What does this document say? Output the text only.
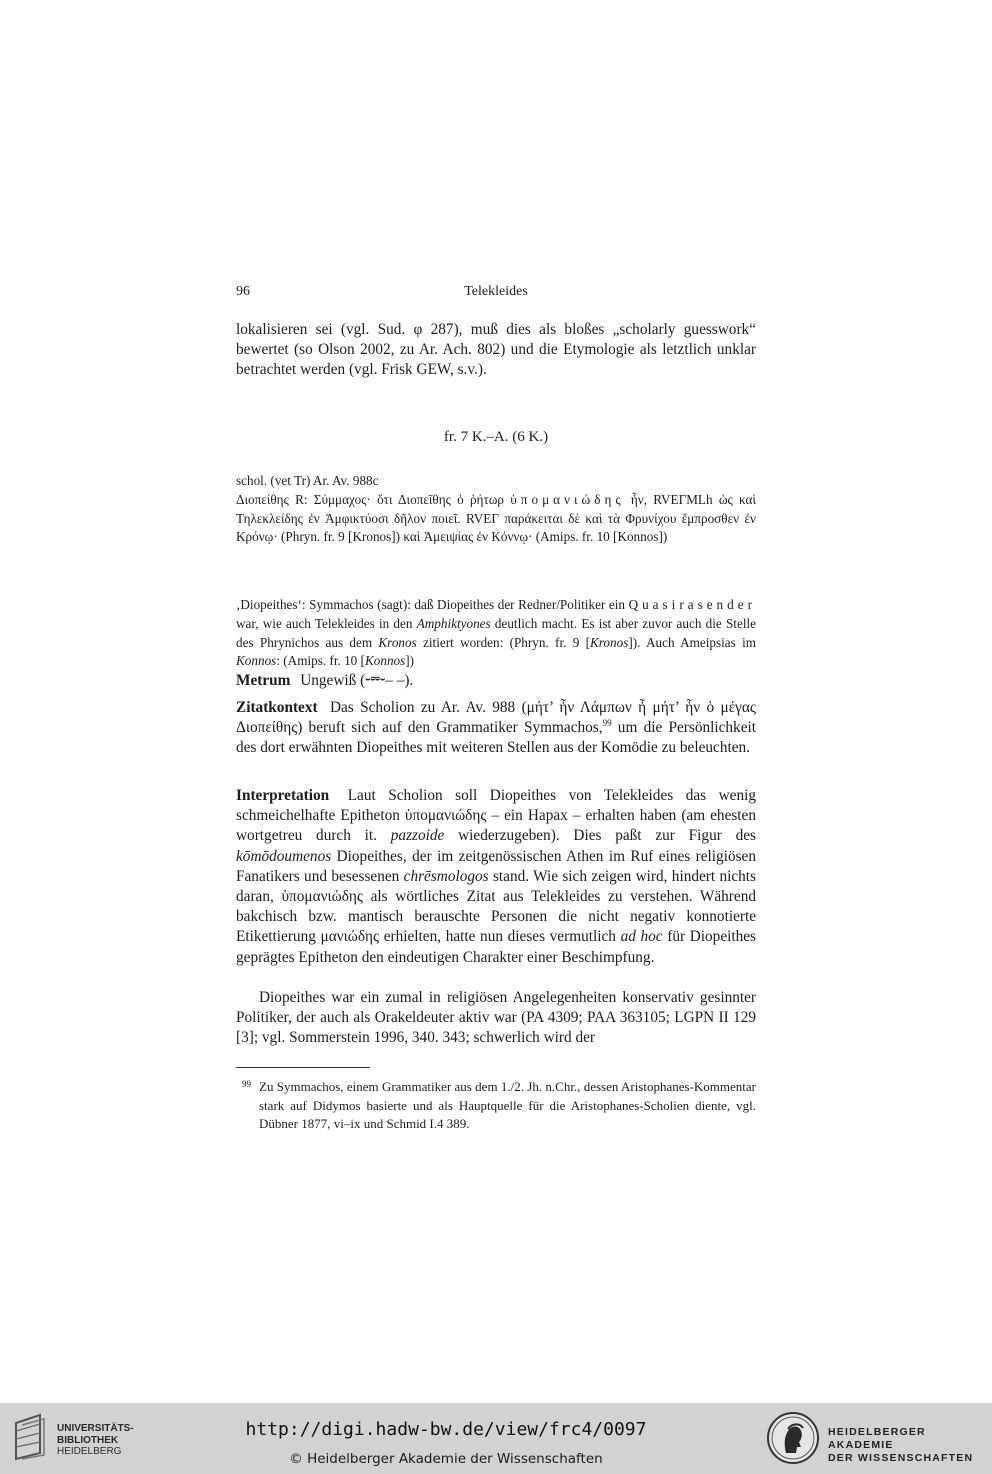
96	Telekleides

lokalisieren sei (vgl. Sud. φ 287), muß dies als bloßes „scholarly guesswork“ bewertet (so Olson 2002, zu Ar. Ach. 802) und die Etymologie als letztlich unklar betrachtet werden (vgl. Frisk GEW, s.v.).

fr. 7 K.–A. (6 K.)
schol. (vet Tr) Ar. Av. 988c
Διοπείθης R: Σύμμαχος· ὅτι Διοπεῖθης ὁ ῥήτωρ ὑπομανιώδης ἦν, RVEΓMLh ὡς καὶ Τηλεκλείδης ἐν Ἀμφικτύοσι δῆλον ποιεῖ. RVEΓ παράκειται δὲ καὶ τὰ Φρυνίχου ἔμπροσθεν ἐν Κρόνῳ· (Phryn. fr. 9 [Kronos]) καὶ Ἀμειψίας ἐν Κόννῳ· (Amips. fr. 10 [Konnos])
‚Diopeithes‘: Symmachos (sagt): daß Diopeithes der Redner/Politiker ein Quasirasender war, wie auch Telekleides in den Amphiktyones deutlich macht. Es ist aber zuvor auch die Stelle des Phrynichos aus dem Kronos zitiert worden: (Phryn. fr. 9 [Kronos]). Auch Ameipsias im Konnos: (Amips. fr. 10 [Konnos])

Metrum Ungewiß (⏑⏔⏑– –).

Zitatkontext Das Scholion zu Ar. Av. 988 (μήτ’ ἦν Λάμπων ἦ μήτ’ ἦν ὁ μέγας Διοπείθης) beruft sich auf den Grammatiker Symmachos,$^{99}$ um die Persönlichkeit des dort erwähnten Diopeithes mit weiteren Stellen aus der Komödie zu beleuchten.

Interpretation Laut Scholion soll Diopeithes von Telekleides das wenig schmeichelhafte Epitheton ὑπομανιώδης – ein Hapax – erhalten haben (am ehesten wortgetreu durch it. pazzoide wiederzugeben). Dies paßt zur Figur des kōmōdoumenos Diopeithes, der im zeitgenössischen Athen im Ruf eines religiösen Fanatikers und besessenen chrēsmologos stand. Wie sich zeigen wird, hindert nichts daran, ὑπομανιώδης als wörtliches Zitat aus Telekleides zu verstehen. Während bakchisch bzw. mantisch berauschte Personen die nicht negativ konnotierte Etikettierung μανιώδης erhielten, hatte nun dieses vermutlich ad hoc für Diopeithes geprägtes Epitheton den eindeutigen Charakter einer Beschimpfung.

Diopeithes war ein zumal in religiösen Angelegenheiten konservativ gesinnter Politiker, der auch als Orakeldeuter aktiv war (PA 4309; PAA 363105; LGPN II 129 [3]; vgl. Sommerstein 1996, 340. 343; schwerlich wird der

99 Zu Symmachos, einem Grammatiker aus dem 1./2. Jh. n.Chr., dessen Aristophanes-Kommentar stark auf Didymos basierte und als Hauptquelle für die Aristophanes-Scholien diente, vgl. Dübner 1877, vi–ix und Schmid I.4 389.
UNIVERSITÄTS-
BIBLIOTHEK
HEIDELBERG
http://digi.hadw-bw.de/view/frc4/0097
© Heidelberger Akademie der Wissenschaften
HEIDELBERGER AKADEMIE
DER WISSENSCHAFTEN
